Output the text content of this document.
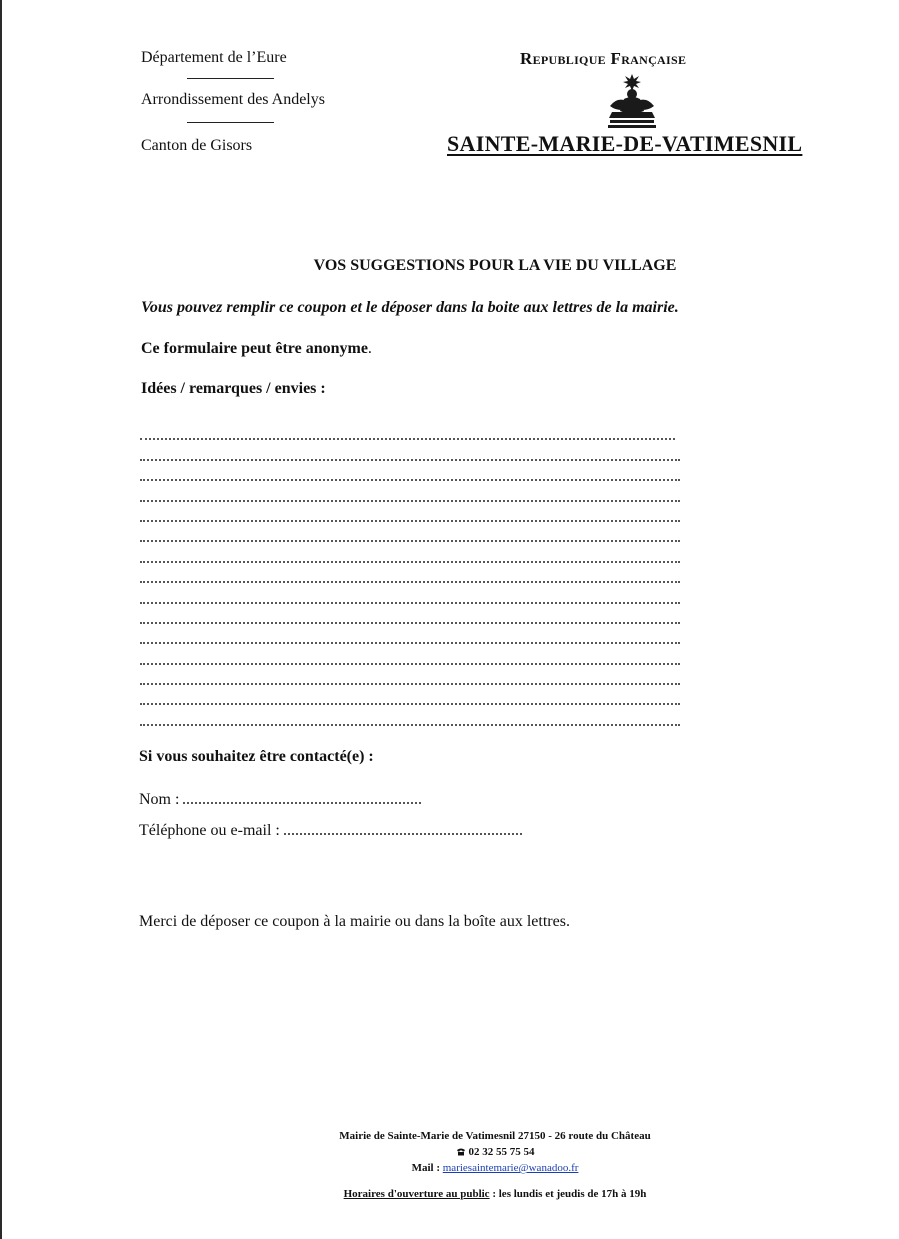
Département de l’Eure
Arrondissement des Andelys
Canton de Gisors
Republique Française
SAINTE-MARIE-DE-VATIMESNIL
VOS SUGGESTIONS POUR LA VIE DU VILLAGE
Vous pouvez remplir ce coupon et le déposer dans la boite aux lettres de la mairie.
Ce formulaire peut être anonyme.
Idées / remarques / envies :
Si vous souhaitez être contacté(e) :
Nom :
Téléphone ou e-mail :
Merci de déposer ce coupon à la mairie ou dans la boîte aux lettres.
Mairie de Sainte-Marie de Vatimesnil 27150 - 26 route du Château
02 32 55 75 54
Mail : mariesaintemarie@wanadoo.fr
Horaires d'ouverture au public : les lundis et jeudis de 17h à 19h
